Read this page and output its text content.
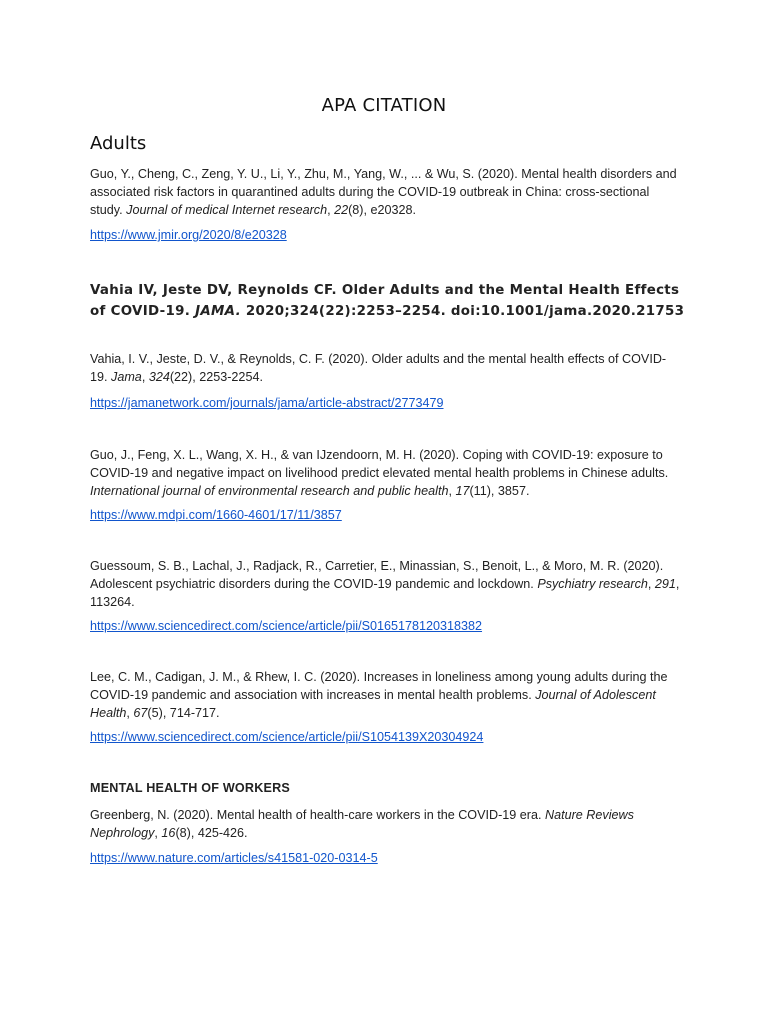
APA CITATION
Adults
Guo, Y., Cheng, C., Zeng, Y. U., Li, Y., Zhu, M., Yang, W., ... & Wu, S. (2020). Mental health disorders and associated risk factors in quarantined adults during the COVID-19 outbreak in China: cross-sectional study. Journal of medical Internet research, 22(8), e20328.
https://www.jmir.org/2020/8/e20328
Vahia IV, Jeste DV, Reynolds CF. Older Adults and the Mental Health Effects of COVID-19. JAMA. 2020;324(22):2253–2254. doi:10.1001/jama.2020.21753
Vahia, I. V., Jeste, D. V., & Reynolds, C. F. (2020). Older adults and the mental health effects of COVID-19. Jama, 324(22), 2253-2254.
https://jamanetwork.com/journals/jama/article-abstract/2773479
Guo, J., Feng, X. L., Wang, X. H., & van IJzendoorn, M. H. (2020). Coping with COVID-19: exposure to COVID-19 and negative impact on livelihood predict elevated mental health problems in Chinese adults. International journal of environmental research and public health, 17(11), 3857.
https://www.mdpi.com/1660-4601/17/11/3857
Guessoum, S. B., Lachal, J., Radjack, R., Carretier, E., Minassian, S., Benoit, L., & Moro, M. R. (2020). Adolescent psychiatric disorders during the COVID-19 pandemic and lockdown. Psychiatry research, 291, 113264.
https://www.sciencedirect.com/science/article/pii/S0165178120318382
Lee, C. M., Cadigan, J. M., & Rhew, I. C. (2020). Increases in loneliness among young adults during the COVID-19 pandemic and association with increases in mental health problems. Journal of Adolescent Health, 67(5), 714-717.
https://www.sciencedirect.com/science/article/pii/S1054139X20304924
MENTAL HEALTH OF WORKERS
Greenberg, N. (2020). Mental health of health-care workers in the COVID-19 era. Nature Reviews Nephrology, 16(8), 425-426.
https://www.nature.com/articles/s41581-020-0314-5
